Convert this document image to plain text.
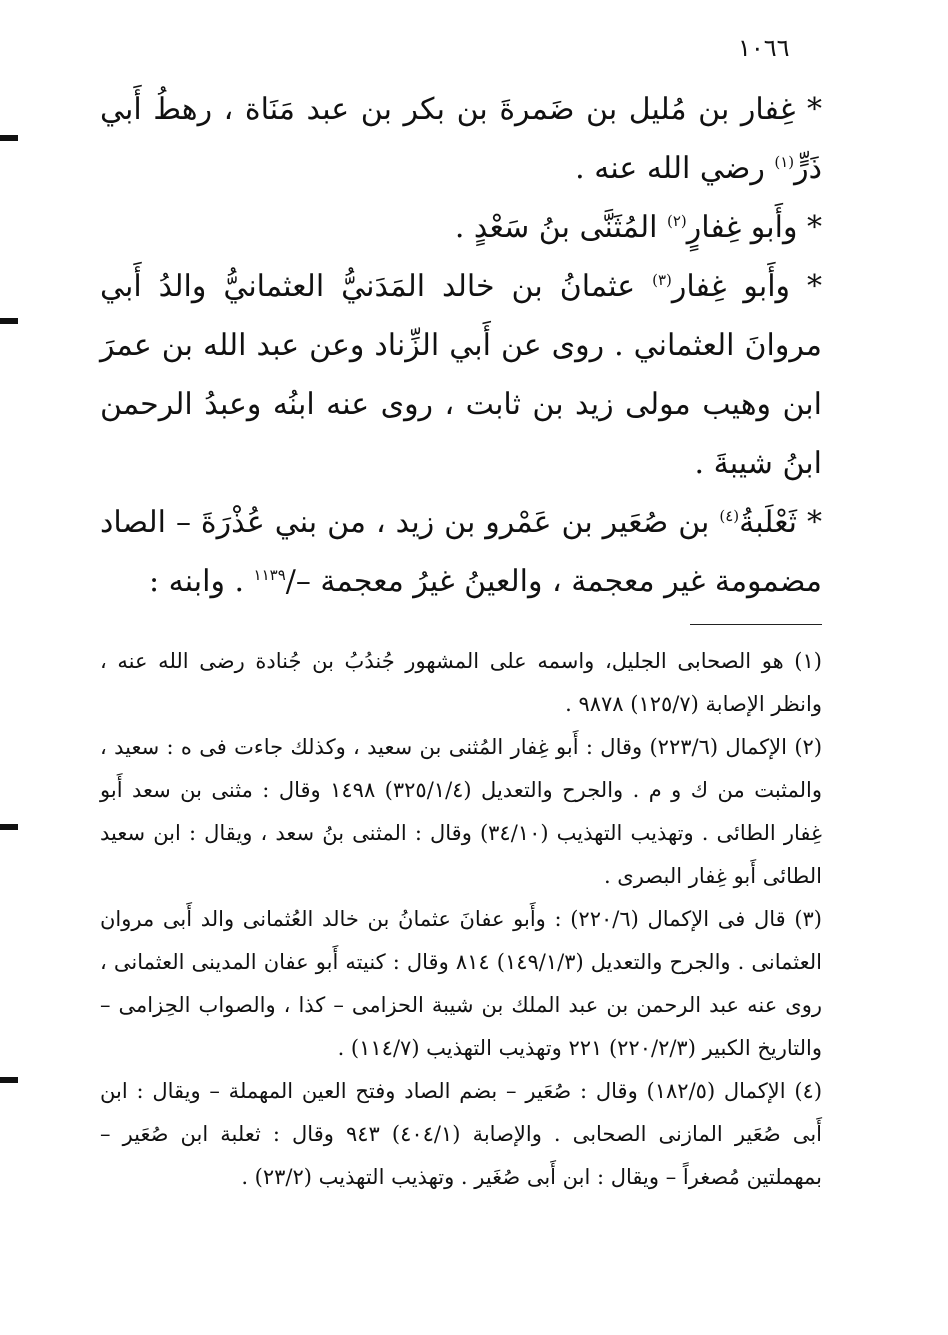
١٠٦٦

* غِفار بن مُليل بن ضَمرةَ بن بكر بن عبد مَنَاة ، رهطُ أَبي ذَرٍّ$^{(١)}$ رضي الله عنه .

* وأَبو غِفارٍ$^{(٢)}$ المُثَنَّى بنُ سَعْدٍ .

* وأَبو غِفار$^{(٣)}$ عثمانُ بن خالد المَدَنيُّ العثمانيُّ والدُ أَبي مروانَ العثماني . روى عن أَبي الزِّناد وعن عبد الله بن عمرَ ابن وهيب مولى زيد بن ثابت ، روى عنه ابنُه وعبدُ الرحمن ابنُ شيبةَ .

* ثَعْلَبةُ$^{(٤)}$ بن صُعَير بن عَمْرو بن زيد ، من بني عُذْرَةَ – الصاد مضمومة غير معجمة ، والعينُ غيرُ معجمة –/$^{١١٣٩}$ . وابنه :

(١) هو الصحابى الجليل، واسمه على المشهور جُندُبُ بن جُنادة رضى الله عنه ، وانظر الإصابة (١٢٥/٧) ٩٨٧٨ .

(٢) الإكمال (٢٢٣/٦) وقال : أَبو غِفار المُثنى بن سعيد ، وكذلك جاءت فى ه : سعيد ، والمثبت من ك و م . والجرح والتعديل (٣٢٥/١/٤) ١٤٩٨ وقال : مثنى بن سعد أَبو غِفار الطائى . وتهذيب التهذيب (٣٤/١٠) وقال : المثنى بنُ سعد ، ويقال : ابن سعيد الطائى أَبو غِفار البصرى .

(٣) قال فى الإكمال (٢٢٠/٦) : وأَبو عفانَ عثمانُ بن خالد العُثمانى والد أَبى مروان العثمانى . والجرح والتعديل (١٤٩/١/٣) ٨١٤ وقال : كنيته أَبو عفان المدينى العثمانى ، روى عنه عبد الرحمن بن عبد الملك بن شيبة الحزامى – كذا ، والصواب الحِزامى – والتاريخ الكبير (٢٢٠/٢/٣) ٢٢١ وتهذيب التهذيب (١١٤/٧) .

(٤) الإكمال (١٨٢/٥) وقال : صُعَير – بضم الصاد وفتح العين المهملة – ويقال : ابن أَبى صُعَير المازنى الصحابى . والإصابة (٤٠٤/١) ٩٤٣ وقال : ثعلبة ابن صُعَير – بمهملتين مُصغراً – ويقال : ابن أَبى صُغَير . وتهذيب التهذيب (٢٣/٢) .
